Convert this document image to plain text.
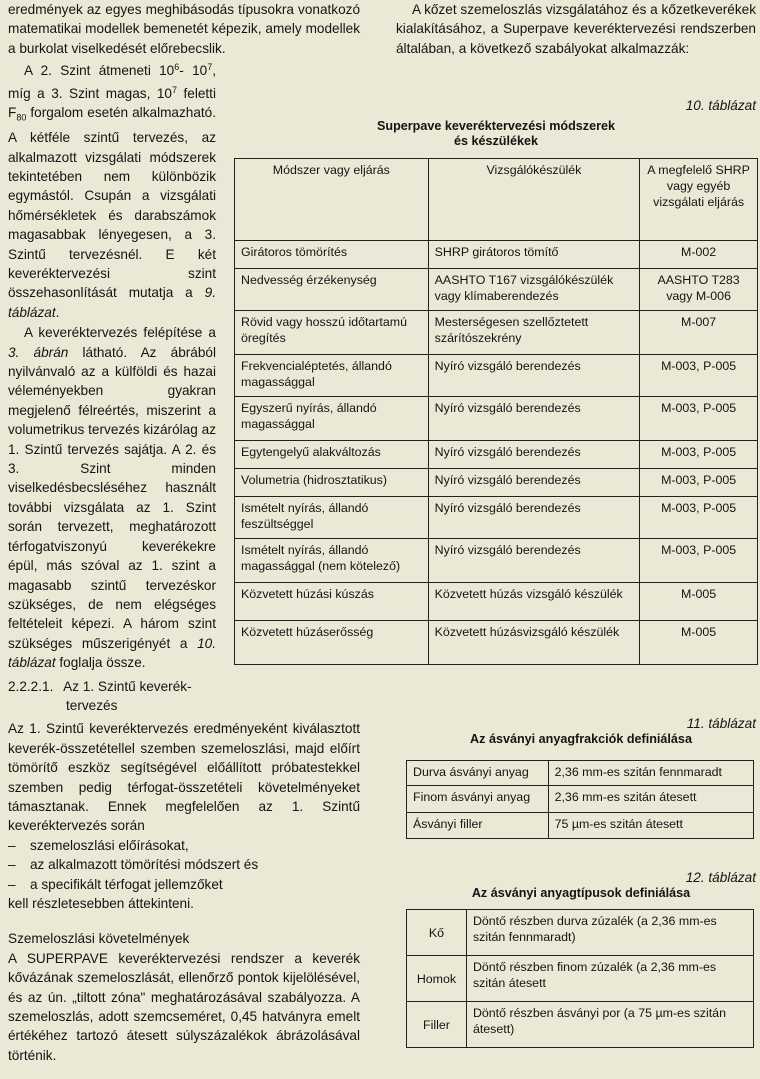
eredmények az egyes meghibásodás típusokra vonatkozó matematikai modellek bemenetét képezik, amely modellek a burkolat viselkedését előrebecslik.

A 2. Szint átmeneti $10^6-$ $10^7$, míg a 3. Szint magas, $10^7$ feletti $F_{80}$ forgalom esetén alkalmazható. A kétféle szintű tervezés, az alkalmazott vizsgálati módszerek tekintetében nem különbözik egymástól. Csupán a vizsgálati hőmérsékletek és darabszámok magasabbak lényegesen, a 3. Szintű tervezésnél. E két keveréktervezési szint összehasonlítását mutatja a 9. táblázat.
A keveréktervezés felépítése a 3. ábrán látható. Az ábrából nyilvánvaló az a külföldi és hazai véleményekben gyakran megjelenő félreértés, miszerint a volumetrikus tervezés kizárólag az 1. Szintű tervezés sajátja. A 2. és 3. Szint minden viselkedésbecsléséhez használt további vizsgálata az 1. Szint során tervezett, meghatározott térfogatviszonyú keverékekre épül, más szóval az 1. szint a magasabb szintű tervezéskor szükséges, de nem elégséges feltételeit képezi. A három szint szükséges műszerigényét a 10. táblázat foglalja össze.
2.2.2.1. Az 1. Szintű keverék-
tervezés

Az 1. Szintű keveréktervezés eredményeként kiválasztott keverék-összetétellel szemben szemeloszlási, majd előírt tömörítő eszköz segítségével előállított próbatestekkel szemben pedig térfogat-összetételi követelményeket támasztanak. Ennek megfelelően az 1. Szintű keveréktervezés során

–	szemeloszlási előírásokat,
–	az alkalmazott tömörítési módszert és
–	a specifikált térfogat jellemzőket

kell részletesebben áttekinteni.

Szemeloszlási követelmények

A SUPERPAVE keveréktervezési rendszer a keverék kővázának szemeloszlását, ellenőrző pontok kijelölésével, és az ún. „tiltott zóna" meghatározásával szabályozza. A szemeloszlás, adott szemcseméret, 0,45 hatványra emelt értékéhez tartozó átesett súlyszázalékok ábrázolásával történik.

A kőzet szemeloszlás vizsgálatához és a kőzetkeverékek kialakításához, a Superpave keveréktervezési rendszerben általában, a következő szabályokat alkalmazzák:

10. táblázat

Superpave keveréktervezési módszerek
és készülékek
Módszer vagy eljárás	Vizsgálókészülék	A megfelelő SHRP vagy egyéb vizsgálati eljárás
Girátoros tömörítés	SHRP girátoros tömítő	M-002
Nedvesség érzékenység	AASHTO T167 vizsgálókészülék vagy klímaberendezés	AASHTO T283 vagy M-006
Rövid vagy hosszú időtartamú öregítés	Mesterségesen szellőztetett szárítószekrény	M-007
Frekvencialéptetés, állandó magassággal	Nyíró vizsgáló berendezés	M-003, P-005
Egyszerű nyírás, állandó magassággal	Nyíró vizsgáló berendezés	M-003, P-005
Egytengelyű alakváltozás	Nyíró vizsgáló berendezés	M-003, P-005
Volumetria (hidrosztatikus)	Nyíró vizsgáló berendezés	M-003, P-005
Ismételt nyírás, állandó feszültséggel	Nyíró vizsgáló berendezés	M-003, P-005
Ismételt nyírás, állandó magassággal (nem kötelező)	Nyíró vizsgáló berendezés	M-003, P-005
Közvetett húzási kúszás	Közvetett húzás vizsgáló készülék	M-005
Közvetett húzáserősség	Közvetett húzásvizsgáló készülék	M-005

11. táblázat

Az ásványi anyagfrakciók definiálása
Durva ásványi anyag	2,36 mm-es szitán fennmaradt
Finom ásványi anyag	2,36 mm-es szitán átesett
Ásványi filler	75 µm-es szitán átesett

12. táblázat

Az ásványi anyagtípusok definiálása
Kő	Döntő részben durva zúzalék (a 2,36 mm-es szitán fennmaradt)
Homok	Döntő részben finom zúzalék (a 2,36 mm-es szitán átesett
Filler	Döntő részben ásványi por (a 75 µm-es szitán átesett)
